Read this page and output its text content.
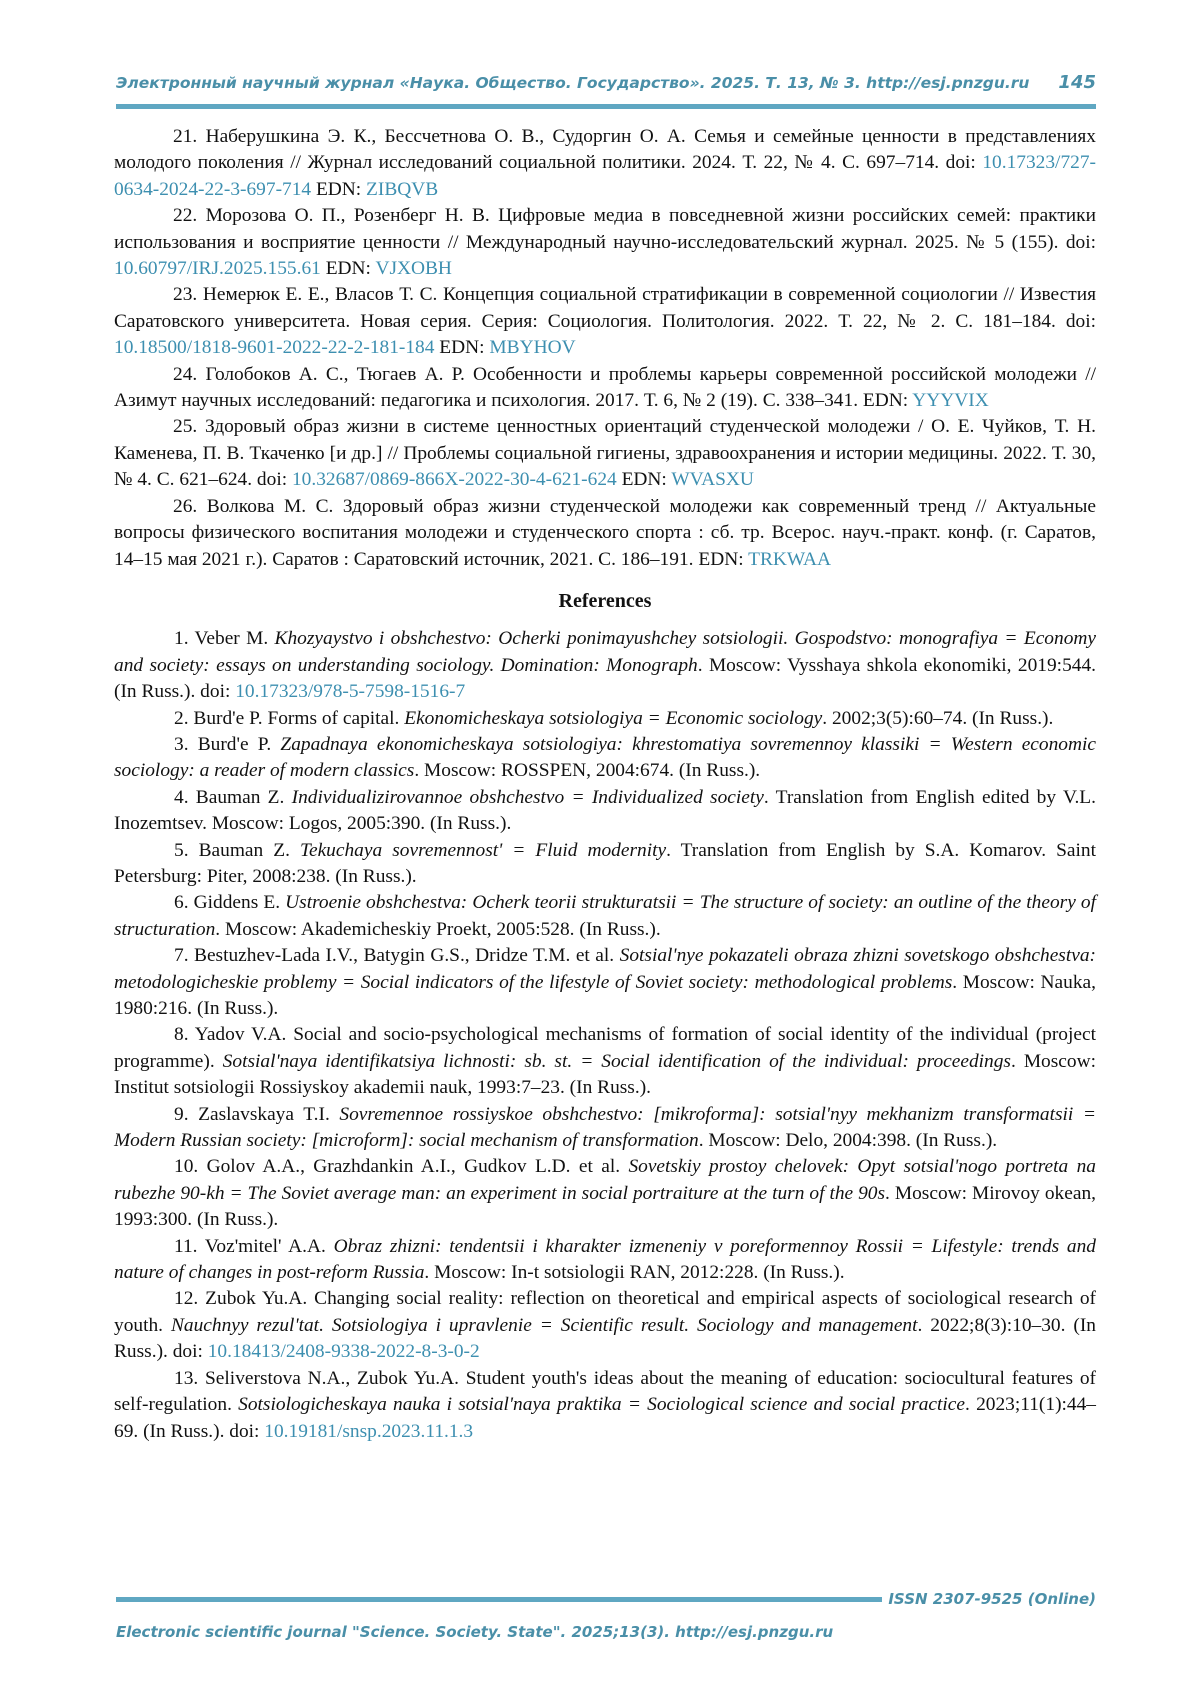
Электронный научный журнал «Наука. Общество. Государство». 2025. Т. 13, № 3. http://esj.pnzgu.ru 145

21. Наберушкина Э. К., Бессчетнова О. В., Судоргин О. А. Семья и семейные ценности в представлениях молодого поколения // Журнал исследований социальной политики. 2024. Т. 22, № 4. С. 697–714. doi: 10.17323/727-0634-2024-22-3-697-714 EDN: ZIBQVB

22. Морозова О. П., Розенберг Н. В. Цифровые медиа в повседневной жизни российских семей: практики использования и восприятие ценности // Международный научно-исследовательский журнал. 2025. № 5 (155). doi: 10.60797/IRJ.2025.155.61 EDN: VJXOBH

23. Немерюк Е. Е., Власов Т. С. Концепция социальной стратификации в современной социологии // Известия Саратовского университета. Новая серия. Серия: Социология. Политология. 2022. Т. 22, № 2. С. 181–184. doi: 10.18500/1818-9601-2022-22-2-181-184 EDN: MBYHOV

24. Голобоков А. С., Тюгаев А. Р. Особенности и проблемы карьеры современной российской молодежи // Азимут научных исследований: педагогика и психология. 2017. Т. 6, № 2 (19). С. 338–341. EDN: YYYVIX

25. Здоровый образ жизни в системе ценностных ориентаций студенческой молодежи / О. Е. Чуйков, Т. Н. Каменева, П. В. Ткаченко [и др.] // Проблемы социальной гигиены, здравоохранения и истории медицины. 2022. Т. 30, № 4. С. 621–624. doi: 10.32687/0869-866X-2022-30-4-621-624 EDN: WVASXU

26. Волкова М. С. Здоровый образ жизни студенческой молодежи как современный тренд // Актуальные вопросы физического воспитания молодежи и студенческого спорта : сб. тр. Всерос. науч.-практ. конф. (г. Саратов, 14–15 мая 2021 г.). Саратов : Саратовский источник, 2021. С. 186–191. EDN: TRKWAA

References

1. Veber M. Khozyaystvo i obshchestvo: Ocherki ponimayushchey sotsiologii. Gospodstvo: monografiya = Economy and society: essays on understanding sociology. Domination: Monograph. Moscow: Vysshaya shkola ekonomiki, 2019:544. (In Russ.). doi: 10.17323/978-5-7598-1516-7

2. Burd'e P. Forms of capital. Ekonomicheskaya sotsiologiya = Economic sociology. 2002;3(5):60–74. (In Russ.).

3. Burd'e P. Zapadnaya ekonomicheskaya sotsiologiya: khrestomatiya sovremennoy klassiki = Western economic sociology: a reader of modern classics. Moscow: ROSSPEN, 2004:674. (In Russ.).

4. Bauman Z. Individualizirovannoe obshchestvo = Individualized society. Translation from English edited by V.L. Inozemtsev. Moscow: Logos, 2005:390. (In Russ.).

5. Bauman Z. Tekuchaya sovremennost' = Fluid modernity. Translation from English by S.A. Komarov. Saint Petersburg: Piter, 2008:238. (In Russ.).

6. Giddens E. Ustroenie obshchestva: Ocherk teorii strukturatsii = The structure of society: an outline of the theory of structuration. Moscow: Akademicheskiy Proekt, 2005:528. (In Russ.).

7. Bestuzhev-Lada I.V., Batygin G.S., Dridze T.M. et al. Sotsial'nye pokazateli obraza zhizni sovetskogo obshchestva: metodologicheskie problemy = Social indicators of the lifestyle of Soviet society: methodological problems. Moscow: Nauka, 1980:216. (In Russ.).

8. Yadov V.A. Social and socio-psychological mechanisms of formation of social identity of the individual (project programme). Sotsial'naya identifikatsiya lichnosti: sb. st. = Social identification of the individual: proceedings. Moscow: Institut sotsiologii Rossiyskoy akademii nauk, 1993:7–23. (In Russ.).

9. Zaslavskaya T.I. Sovremennoe rossiyskoe obshchestvo: [mikroforma]: sotsial'nyy mekhanizm transformatsii = Modern Russian society: [microform]: social mechanism of transformation. Moscow: Delo, 2004:398. (In Russ.).

10. Golov A.A., Grazhdankin A.I., Gudkov L.D. et al. Sovetskiy prostoy chelovek: Opyt sotsial'nogo portreta na rubezhe 90-kh = The Soviet average man: an experiment in social portraiture at the turn of the 90s. Moscow: Mirovoy okean, 1993:300. (In Russ.).

11. Voz'mitel' A.A. Obraz zhizni: tendentsii i kharakter izmeneniy v poreformennoy Rossii = Lifestyle: trends and nature of changes in post-reform Russia. Moscow: In-t sotsiologii RAN, 2012:228. (In Russ.).

12. Zubok Yu.A. Changing social reality: reflection on theoretical and empirical aspects of sociological research of youth. Nauchnyy rezul'tat. Sotsiologiya i upravlenie = Scientific result. Sociology and management. 2022;8(3):10–30. (In Russ.). doi: 10.18413/2408-9338-2022-8-3-0-2

13. Seliverstova N.A., Zubok Yu.A. Student youth's ideas about the meaning of education: sociocultural features of self-regulation. Sotsiologicheskaya nauka i sotsial'naya praktika = Sociological science and social practice. 2023;11(1):44–69. (In Russ.). doi: 10.19181/snsp.2023.11.1.3

ISSN 2307-9525 (Online)
Electronic scientific journal "Science. Society. State". 2025;13(3). http://esj.pnzgu.ru
